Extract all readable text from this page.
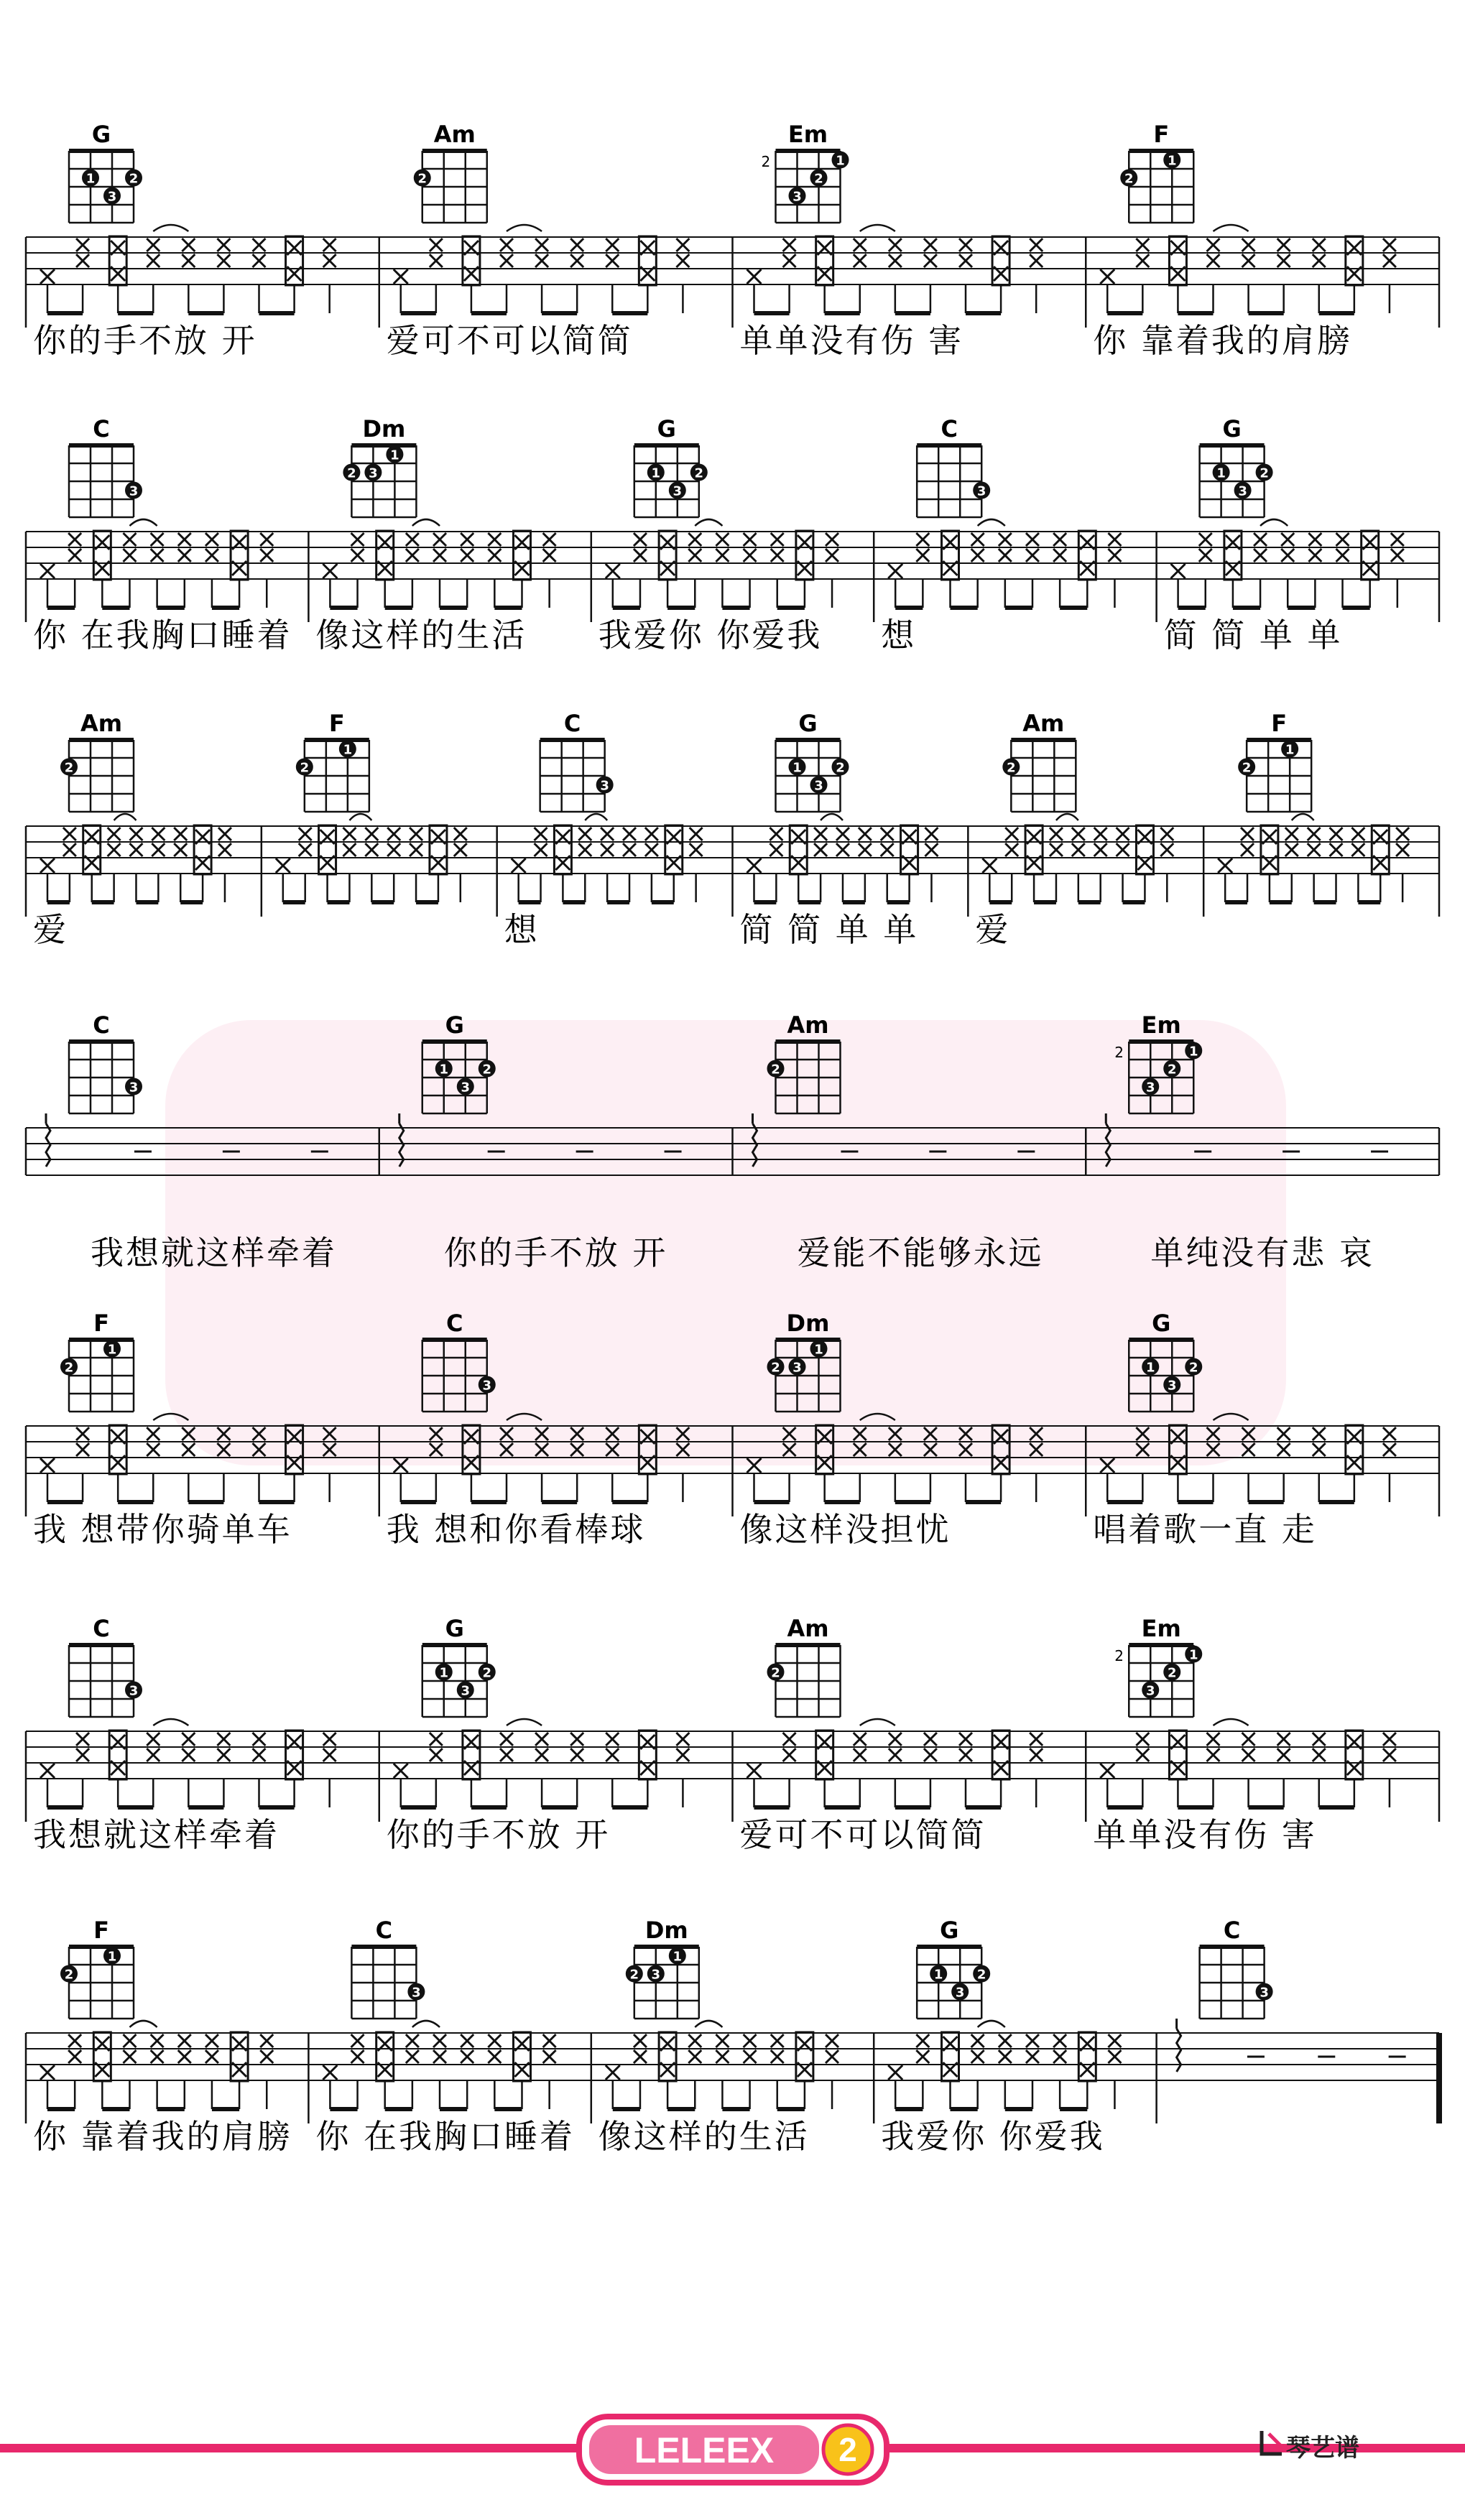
G
1	2
3
你的手不放 开
Am
2
爱可不可以简简
Em
2	1
2
3
单单没有伤 害
F
2
1
你 靠着我的肩膀
C
3
你 在我胸口睡着
Dm
2 3
1
像这样的生活
G
1	2
3
我爱你 你爱我
C
3
想
G
1	2
3
简 简 单 单
Am
2
爱
F
2
1
C
3
想
G
1	2
3
简 简 单 单
Am
2
爱
F
2
1
C
3
我想就这样牵着
G
1	2
3
你的手不放 开
Am
2
爱能不能够永远
Em
2	1
2
3
单纯没有悲 哀
F
2
1
我 想带你骑单车
C
3
我 想和你看棒球
Dm
2 3
1
像这样没担忧
G
1	2
3
唱着歌一直 走
C
3
我想就这样牵着
G
1	2
3
你的手不放 开
Am
2
爱可不可以简简
Em
2	1
2
3
单单没有伤 害
F
2
1
你 靠着我的肩膀
C
3
你 在我胸口睡着
Dm
2 3
1
像这样的生活
G
1	2
3
我爱你 你爱我
C
3
LELEEX 2	琴艺谱
